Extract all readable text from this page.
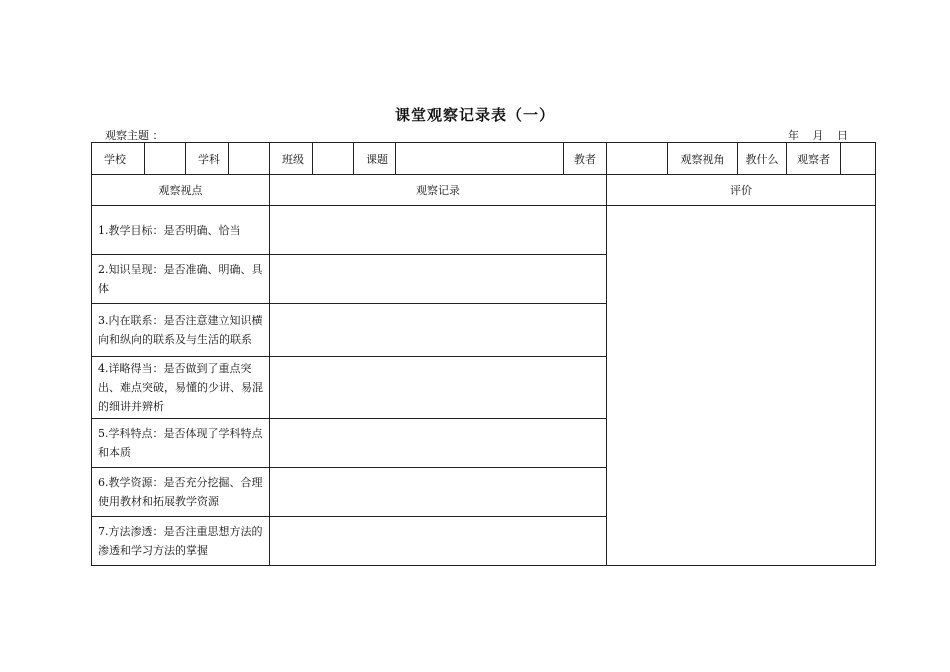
课堂观察记录表（一）
观察主题 ：	年 月 日
学校		学科		班级		课题		教者		观察视角	教什么	观察者	
观察视点				观察记录					评价				
1.教学目标：是否明确、恰当													
2.知识呈现：是否准确、明确、具体													
3.内在联系：是否注意建立知识横向和纵向的联系及与生活的联系													
4.详略得当：是否做到了重点突出、难点突破，易懂的少讲、易混的细讲并辨析													
5.学科特点：是否体现了学科特点和本质													
6.教学资源：是否充分挖掘、合理使用教材和拓展教学资源													
7.方法渗透：是否注重思想方法的渗透和学习方法的掌握													
